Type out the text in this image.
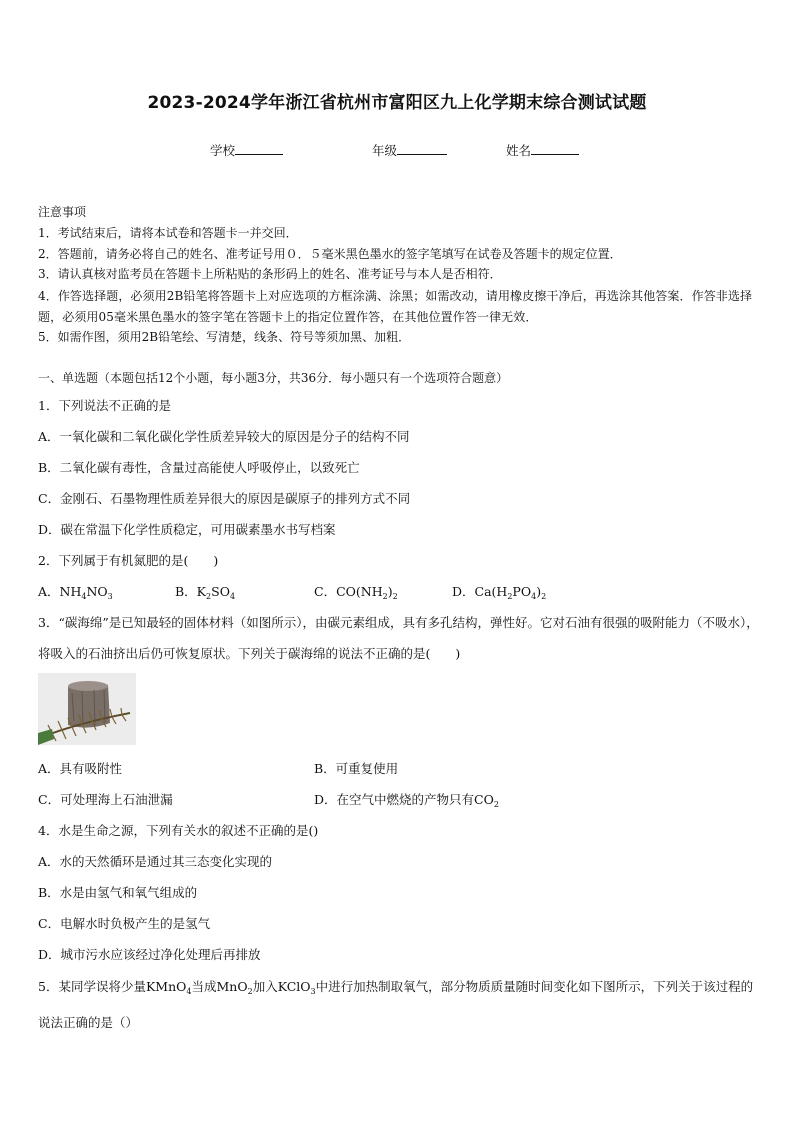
2023-2024学年浙江省杭州市富阳区九上化学期末综合测试试题
学校	年级	姓名
注意事项
1．考试结束后，请将本试卷和答题卡一并交回．
2．答题前，请务必将自己的姓名、准考证号用０．５毫米黑色墨水的签字笔填写在试卷及答题卡的规定位置．
3．请认真核对监考员在答题卡上所粘贴的条形码上的姓名、准考证号与本人是否相符．
4．作答选择题，必须用2B铅笔将答题卡上对应选项的方框涂满、涂黑；如需改动，请用橡皮擦干净后，再选涂其他答案．作答非选择题，必须用05毫米黑色墨水的签字笔在答题卡上的指定位置作答，在其他位置作答一律无效．
5．如需作图，须用2B铅笔绘、写清楚，线条、符号等须加黑、加粗．
一、单选题（本题包括12个小题，每小题3分，共36分．每小题只有一个选项符合题意）
1．下列说法不正确的是
A．一氧化碳和二氧化碳化学性质差异较大的原因是分子的结构不同
B．二氧化碳有毒性，含量过高能使人呼吸停止，以致死亡
C．金刚石、石墨物理性质差异很大的原因是碳原子的排列方式不同
D．碳在常温下化学性质稳定，可用碳素墨水书写档案
2．下列属于有机氮肥的是(　　)
A．$NH_4NO_3$	B．$K_2SO_4$	C．$CO(NH_2)_2$	D．$Ca(H_2PO_4)_2$
3．“碳海绵”是已知最轻的固体材料（如图所示），由碳元素组成，具有多孔结构，弹性好。它对石油有很强的吸附能力（不吸水），将吸入的石油挤出后仍可恢复原状。下列关于碳海绵的说法不正确的是(　　)
A．具有吸附性	B．可重复使用
C．可处理海上石油泄漏	D．在空气中燃烧的产物只有$CO_2$
4．水是生命之源，下列有关水的叙述不正确的是()
A．水的天然循环是通过其三态变化实现的
B．水是由氢气和氧气组成的
C．电解水时负极产生的是氢气
D．城市污水应该经过净化处理后再排放
5．某同学误将少量KMnO$_4$当成MnO$_2$加入KClO$_3$中进行加热制取氧气，部分物质质量随时间变化如下图所示，下列关于该过程的说法正确的是（）
